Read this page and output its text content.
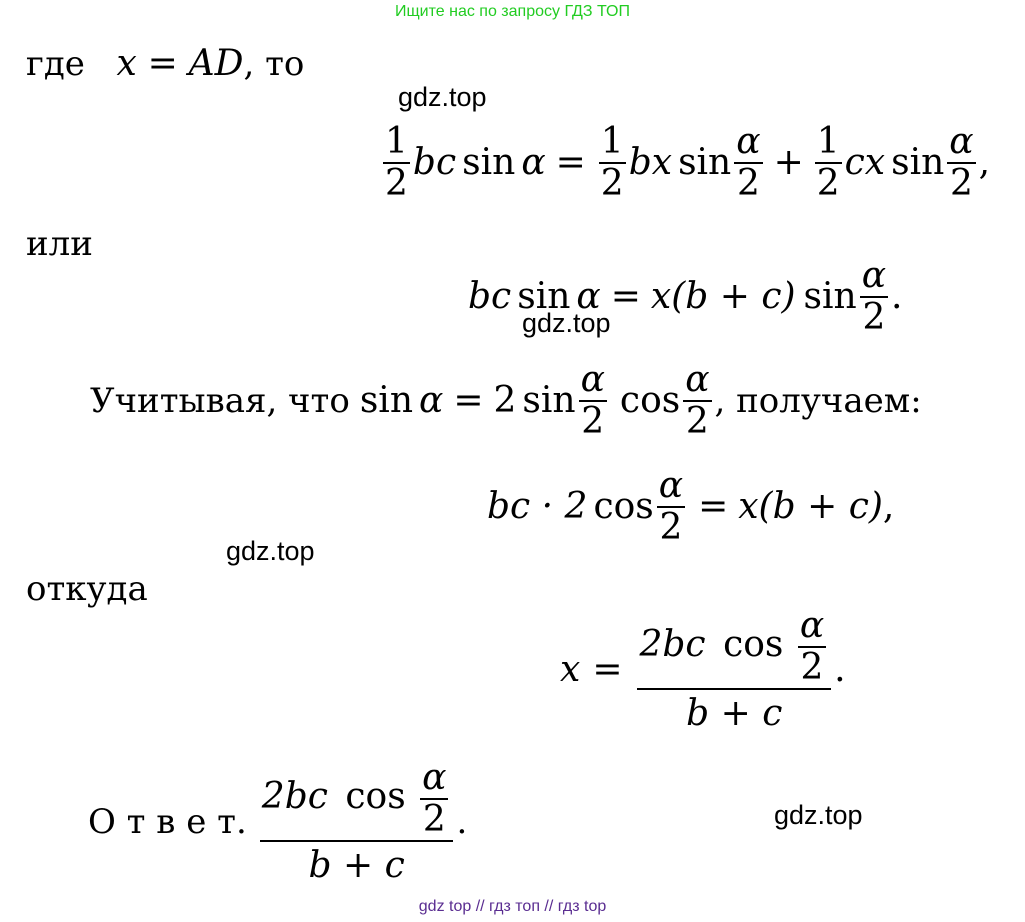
Ищите нас по запросу ГДЗ ТОП
где x = AD, то
gdz.top
$\frac{1}{2}$ bc $\sin \alpha = \frac{1}{2}$ bx $\sin \frac{\alpha}{2} + \frac{1}{2}$ cx $\sin \frac{\alpha}{2}$ ,
или
bc sin α = x(b + c) $\sin \frac{\alpha}{2}$ .
gdz.top
Учитывая, что sin α = 2 $\sin \frac{\alpha}{2}$ $\cos \frac{\alpha}{2}$ , получаем:
bc · 2 $\cos \frac{\alpha}{2} = x(b + c)$ ,
gdz.top
откуда
$x = \frac{2bc \cos \frac{\alpha}{2}}{b + c}$ .
О т в е т. $\frac{2bc \cos \frac{\alpha}{2}}{b + c}$ .	gdz.top
gdz top // гдз топ // гдз top
